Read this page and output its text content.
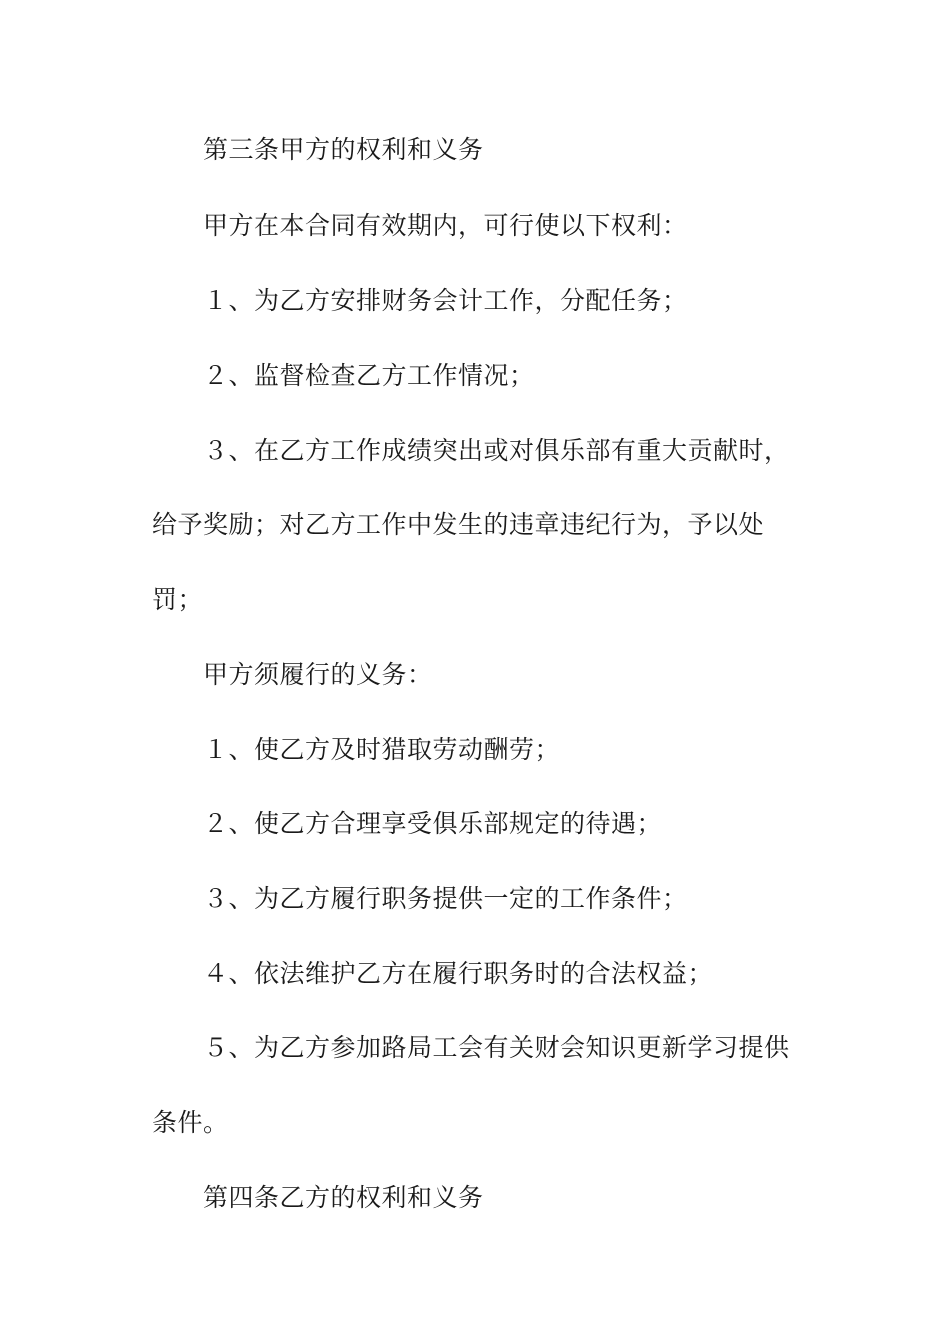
第三条甲方的权利和义务
甲方在本合同有效期内，可行使以下权利：
１、为乙方安排财务会计工作，分配任务；
２、监督检查乙方工作情况；
３、在乙方工作成绩突出或对俱乐部有重大贡献时，
给予奖励；对乙方工作中发生的违章违纪行为，予以处
罚；
甲方须履行的义务：
１、使乙方及时猎取劳动酬劳；
２、使乙方合理享受俱乐部规定的待遇；
３、为乙方履行职务提供一定的工作条件；
４、依法维护乙方在履行职务时的合法权益；
５、为乙方参加路局工会有关财会知识更新学习提供
条件。
第四条乙方的权利和义务
